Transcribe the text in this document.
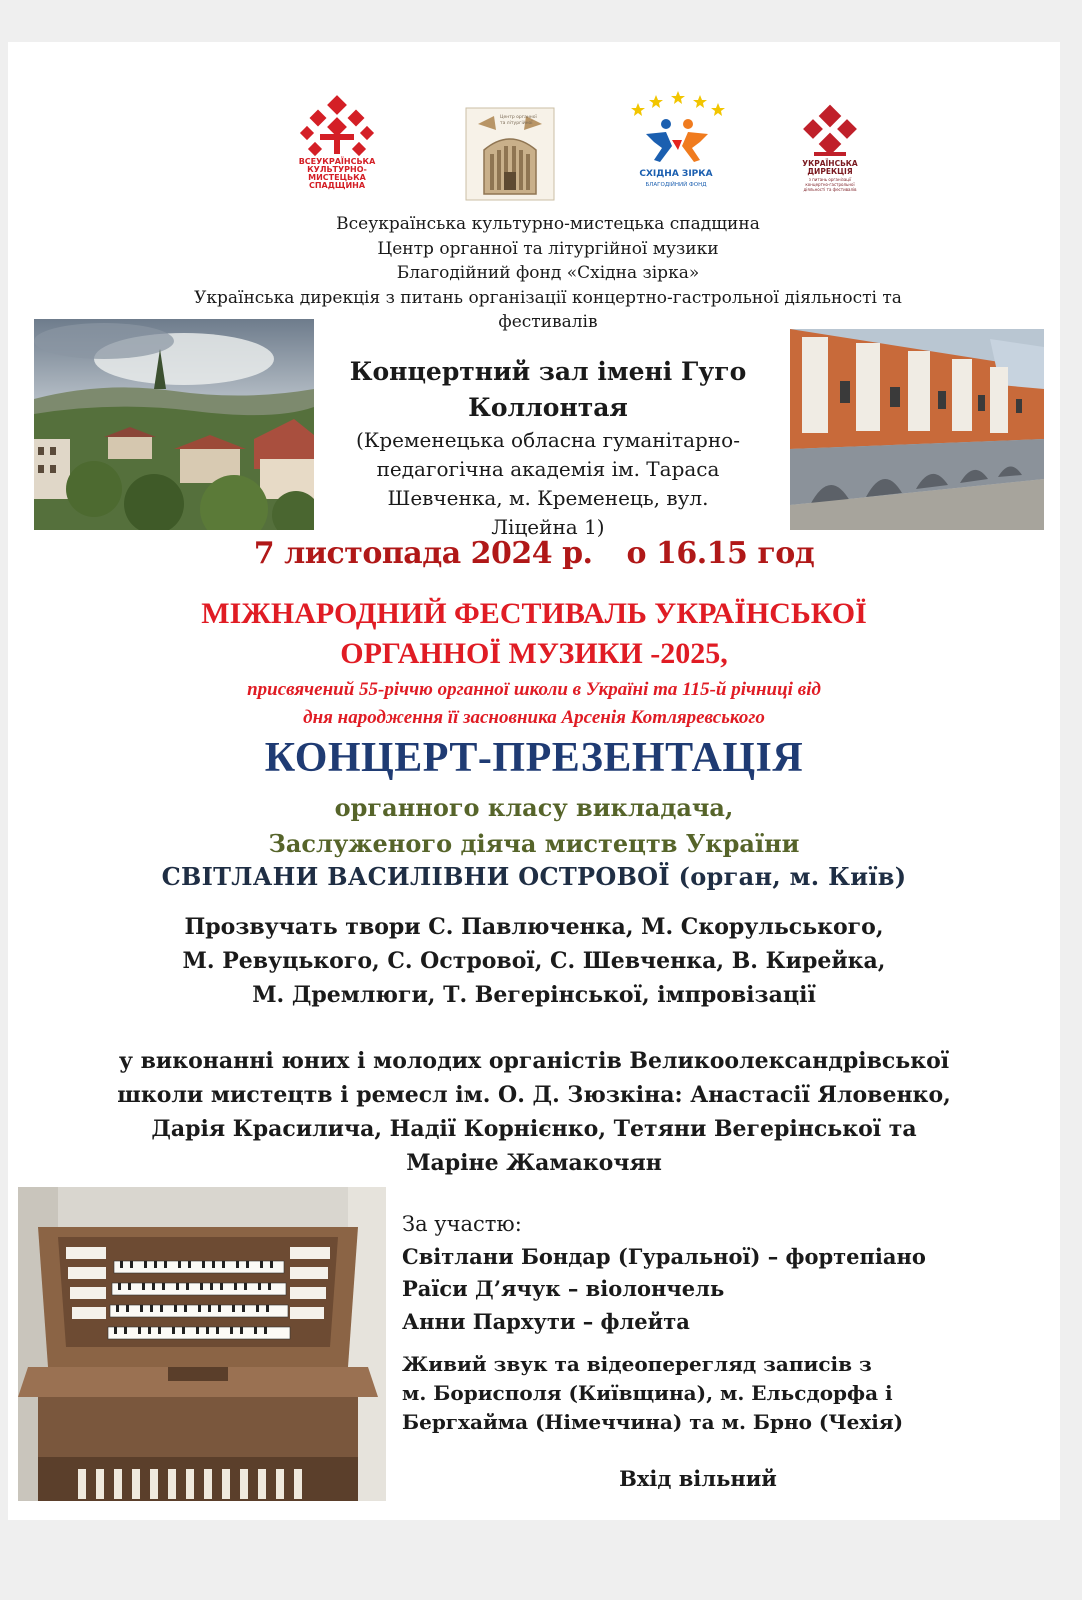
ВСЕУКРАЇНСЬКА
КУЛЬТУРНО-
МИСТЕЦЬКА
СПАДЩИНА
Центр органної
та літургійної
СХІДНА ЗІРКА
БЛАГОДІЙНИЙ ФОНД
УКРАЇНСЬКА
ДИРЕКЦІЯ
з питань організації
концертно-гастрольної
діяльності та фестивалів
Всеукраїнська культурно-мистецька спадщина
Центр органної та літургійної музики
Благодійний фонд «Східна зірка»
Українська дирекція з питань організації концертно-гастрольної діяльності та
фестивалів
Концертний зал імені Гуго
Коллонтая
(Кременецька обласна гуманітарно-
педагогічна академія ім. Тараса
Шевченка, м. Кременець, вул. Ліцейна 1)
7 листопада 2024 р. о 16.15 год
МІЖНАРОДНИЙ ФЕСТИВАЛЬ УКРАЇНСЬКОЇ
ОРГАННОЇ МУЗИКИ -2025,
присвячений 55-річчю органної школи в Україні та 115-й річниці від
дня народження її засновника Арсенія Котляревського
КОНЦЕРТ-ПРЕЗЕНТАЦІЯ
органного класу викладача,
Заслуженого діяча мистецтв України
СВІТЛАНИ ВАСИЛІВНИ ОСТРОВОЇ (орган, м. Київ)
Прозвучать твори С. Павлюченка, М. Скорульського,
М. Ревуцького, С. Острової, С. Шевченка, В. Кирейка,
М. Дремлюги, Т. Вегерінської, імпровізації
у виконанні юних і молодих органістів Великоолександрівської
школи мистецтв і ремесл ім. О. Д. Зюзкіна: Анастасії Яловенко,
Дарія Красилича, Надії Корнієнко, Тетяни Вегерінської та
Маріне Жамакочян
За участю:
Світлани Бондар (Гуральної) – фортепіано
Раїси Д’ячук – віолончель
Анни Пархути – флейта
Живий звук та відеоперегляд записів з
м. Бориcполя (Київщина), м. Ельсдорфа і
Бергхайма (Німеччина) та м. Брно (Чехія)
Вхід вільний
